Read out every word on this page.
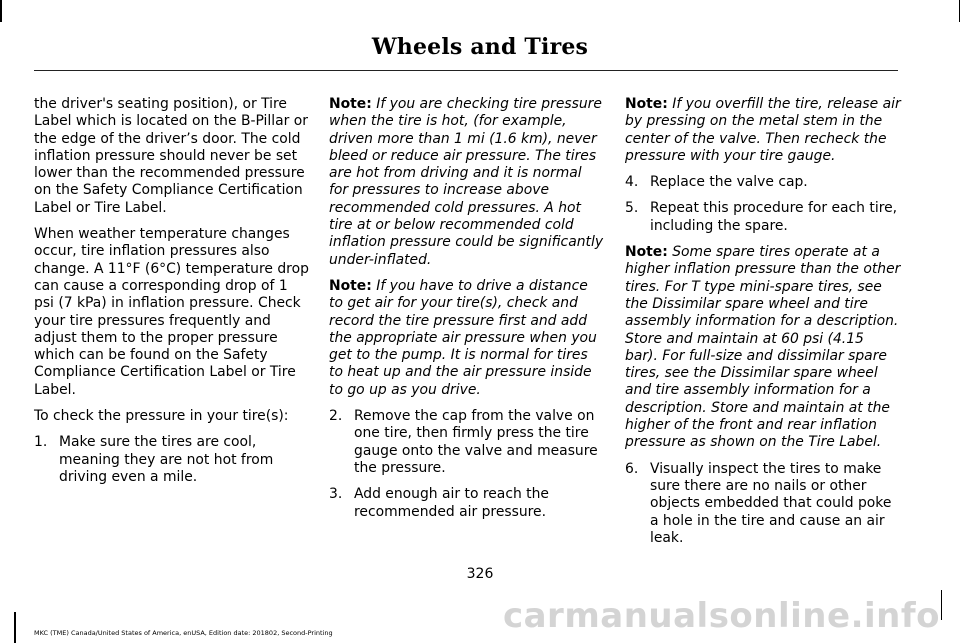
Wheels and Tires

the driver's seating position), or Tire Label which is located on the B-Pillar or the edge of the driver’s door. The cold inflation pressure should never be set lower than the recommended pressure on the Safety Compliance Certification Label or Tire Label.

When weather temperature changes occur, tire inflation pressures also change. A 11°F (6°C) temperature drop can cause a corresponding drop of 1 psi (7 kPa) in inflation pressure. Check your tire pressures frequently and adjust them to the proper pressure which can be found on the Safety Compliance Certification Label or Tire Label.

To check the pressure in your tire(s):

1. Make sure the tires are cool, meaning they are not hot from driving even a mile.

Note: If you are checking tire pressure when the tire is hot, (for example, driven more than 1 mi (1.6 km), never bleed or reduce air pressure. The tires are hot from driving and it is normal for pressures to increase above recommended cold pressures. A hot tire at or below recommended cold inflation pressure could be significantly under-inflated.

Note: If you have to drive a distance to get air for your tire(s), check and record the tire pressure first and add the appropriate air pressure when you get to the pump. It is normal for tires to heat up and the air pressure inside to go up as you drive.

2. Remove the cap from the valve on one tire, then firmly press the tire gauge onto the valve and measure the pressure.
3. Add enough air to reach the recommended air pressure.

Note: If you overfill the tire, release air by pressing on the metal stem in the center of the valve. Then recheck the pressure with your tire gauge.

4. Replace the valve cap.
5. Repeat this procedure for each tire, including the spare.

Note: Some spare tires operate at a higher inflation pressure than the other tires. For T type mini-spare tires, see the Dissimilar spare wheel and tire assembly information for a description. Store and maintain at 60 psi (4.15 bar). For full-size and dissimilar spare tires, see the Dissimilar spare wheel and tire assembly information for a description. Store and maintain at the higher of the front and rear inflation pressure as shown on the Tire Label.

6. Visually inspect the tires to make sure there are no nails or other objects embedded that could poke a hole in the tire and cause an air leak.
326
MKC (TME) Canada/United States of America, enUSA, Edition date: 201802, Second-Printing	carmanualsonline.info
